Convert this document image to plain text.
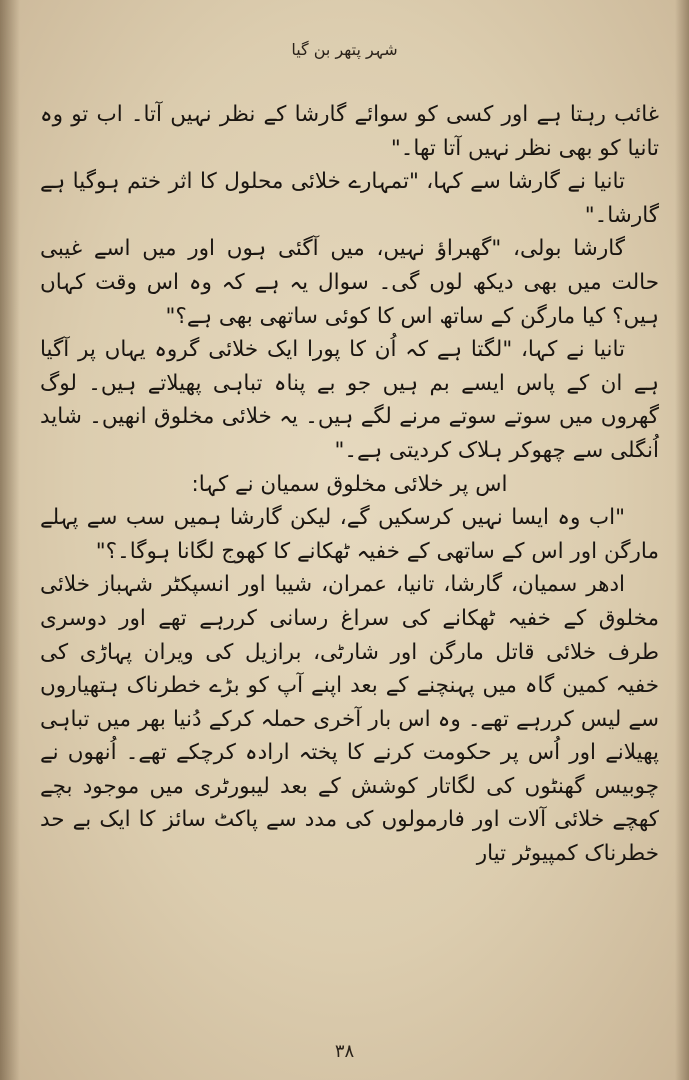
شہر پتھر بن گیا

غائب رہتا ہے اور کسی کو سوائے گارشا کے نظر نہیں آتا۔ اب تو وہ تانیا کو بھی نظر نہیں آتا تھا۔"

تانیا نے گارشا سے کہا، "تمہارے خلائی محلول کا اثر ختم ہوگیا ہے گارشا۔"

گارشا بولی، "گھبراؤ نہیں، میں آگئی ہوں اور میں اسے غیبی حالت میں بھی دیکھ لوں گی۔ سوال یہ ہے کہ وہ اس وقت کہاں ہیں؟ کیا مارگن کے ساتھ اس کا کوئی ساتھی بھی ہے؟"

تانیا نے کہا، "لگتا ہے کہ اُن کا پورا ایک خلائی گروہ یہاں پر آگیا ہے ان کے پاس ایسے بم ہیں جو بے پناہ تباہی پھیلاتے ہیں۔ لوگ گھروں میں سوتے سوتے مرنے لگے ہیں۔ یہ خلائی مخلوق انھیں۔ شاید اُنگلی سے چھوکر ہلاک کردیتی ہے۔"

اس پر خلائی مخلوق سمیان نے کہا:

"اب وہ ایسا نہیں کرسکیں گے، لیکن گارشا ہمیں سب سے پہلے مارگن اور اس کے ساتھی کے خفیہ ٹھکانے کا کھوج لگانا ہوگا۔؟"

ادھر سمیان، گارشا، تانیا، عمران، شیبا اور انسپکٹر شہباز خلائی مخلوق کے خفیہ ٹھکانے کی سراغ رسانی کررہے تھے اور دوسری طرف خلائی قاتل مارگن اور شارٹی، برازیل کی ویران پہاڑی کی خفیہ کمین گاہ میں پہنچنے کے بعد اپنے آپ کو بڑے خطرناک ہتھیاروں سے لیس کررہے تھے۔ وہ اس بار آخری حملہ کرکے دُنیا بھر میں تباہی پھیلانے اور اُس پر حکومت کرنے کا پختہ ارادہ کرچکے تھے۔ اُنھوں نے چوبیس گھنٹوں کی لگاتار کوشش کے بعد لیبورٹری میں موجود بچے کھچے خلائی آلات اور فارمولوں کی مدد سے پاکٹ سائز کا ایک بے حد خطرناک کمپیوٹر تیار

۳۸
